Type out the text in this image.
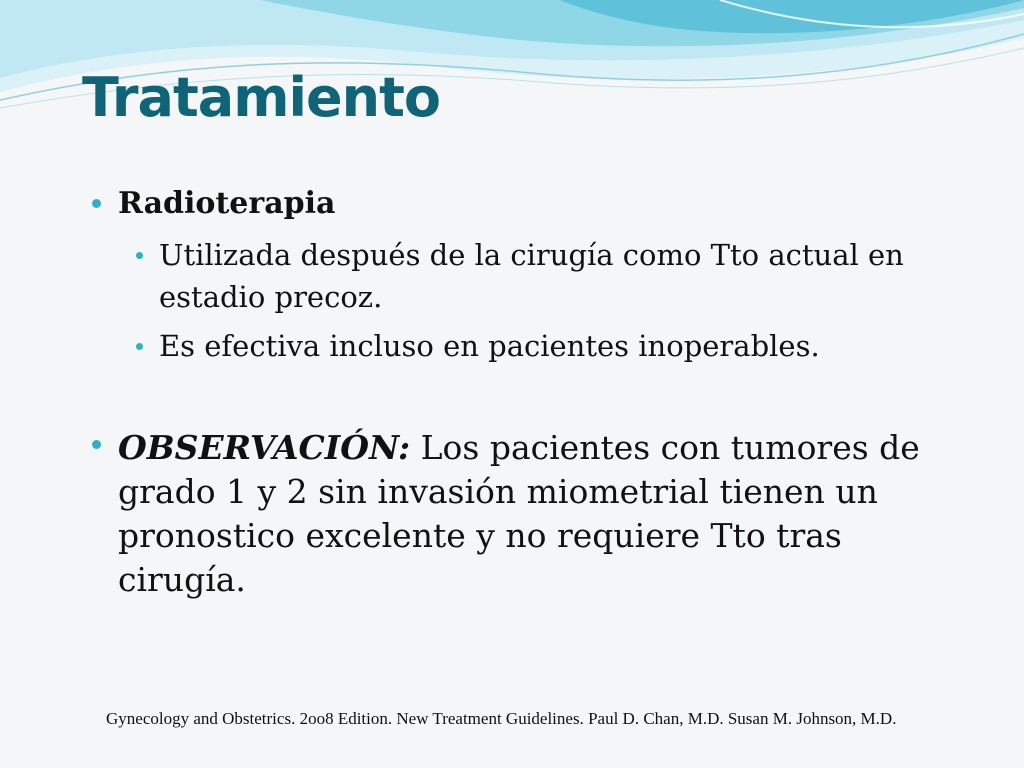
Tratamiento

Radioterapia

Utilizada después de la cirugía como Tto actual en estadio precoz.

Es efectiva incluso en pacientes inoperables.

OBSERVACIÓN: Los pacientes con tumores de grado 1 y 2 sin invasión miometrial tienen un pronostico excelente y no requiere Tto tras cirugía.

Gynecology and Obstetrics. 2oo8 Edition. New Treatment Guidelines. Paul D. Chan, M.D. Susan M. Johnson, M.D.
